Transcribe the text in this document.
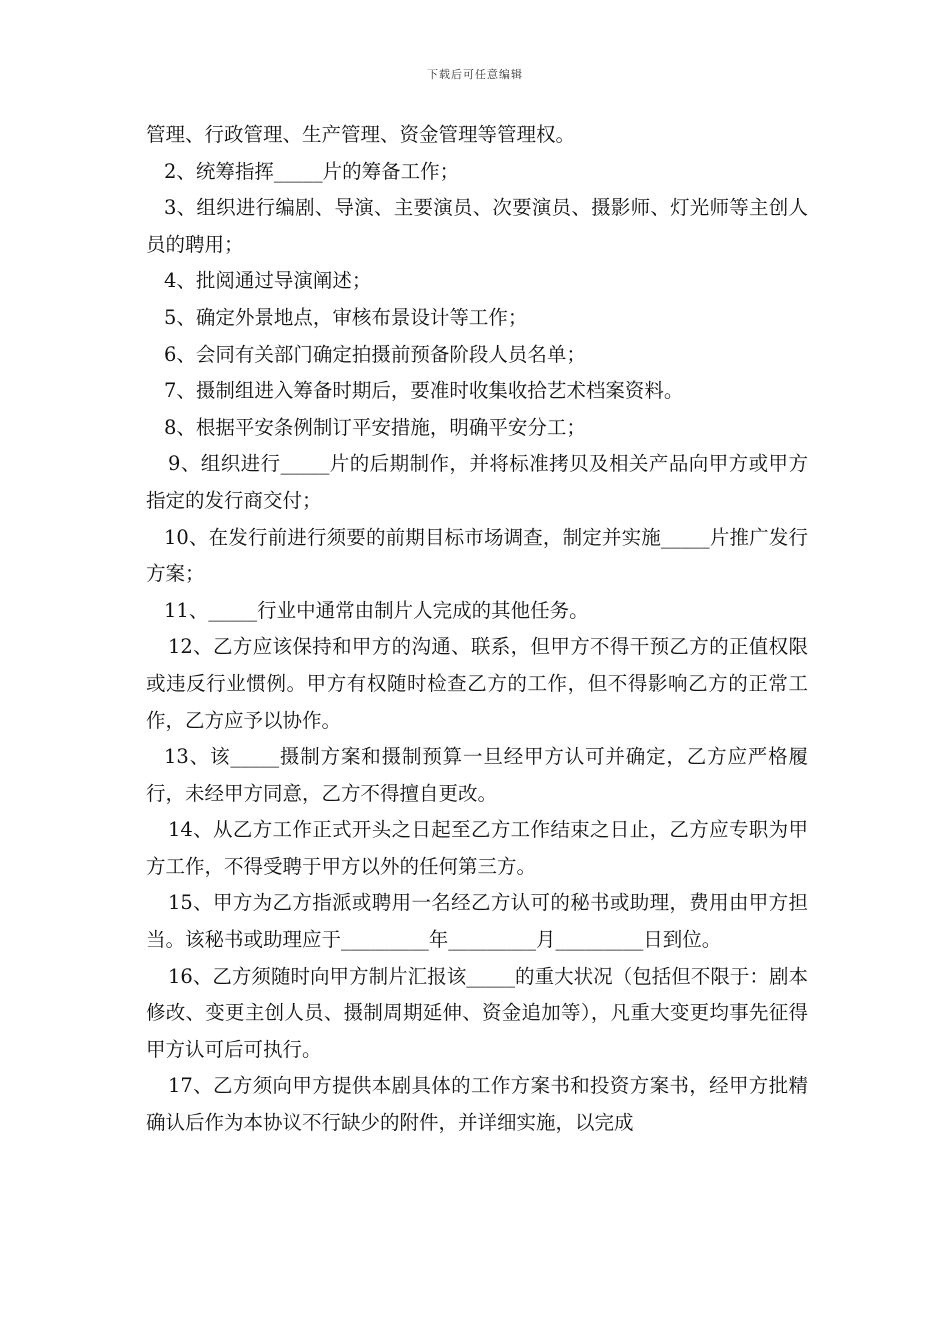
下载后可任意编辑

管理、行政管理、生产管理、资金管理等管理权。

2、统筹指挥_____片的筹备工作；

3、组织进行编剧、导演、主要演员、次要演员、摄影师、灯光师等主创人员的聘用；

4、批阅通过导演阐述；

5、确定外景地点，审核布景设计等工作；

6、会同有关部门确定拍摄前预备阶段人员名单；

7、摄制组进入筹备时期后，要准时收集收拾艺术档案资料。

8、根据平安条例制订平安措施，明确平安分工；

9、组织进行_____片的后期制作，并将标准拷贝及相关产品向甲方或甲方指定的发行商交付；

10、在发行前进行须要的前期目标市场调查，制定并实施_____片推广发行方案；

11、_____行业中通常由制片人完成的其他任务。

12、乙方应该保持和甲方的沟通、联系，但甲方不得干预乙方的正值权限或违反行业惯例。甲方有权随时检查乙方的工作，但不得影响乙方的正常工作，乙方应予以协作。

13、该_____摄制方案和摄制预算一旦经甲方认可并确定，乙方应严格履行，未经甲方同意，乙方不得擅自更改。

14、从乙方工作正式开头之日起至乙方工作结束之日止，乙方应专职为甲方工作，不得受聘于甲方以外的任何第三方。

15、甲方为乙方指派或聘用一名经乙方认可的秘书或助理，费用由甲方担当。该秘书或助理应于_________年_________月_________日到位。

16、乙方须随时向甲方制片汇报该_____的重大状况（包括但不限于：剧本修改、变更主创人员、摄制周期延伸、资金追加等），凡重大变更均事先征得甲方认可后可执行。

17、乙方须向甲方提供本剧具体的工作方案书和投资方案书，经甲方批精确认后作为本协议不行缺少的附件，并详细实施，以完成
